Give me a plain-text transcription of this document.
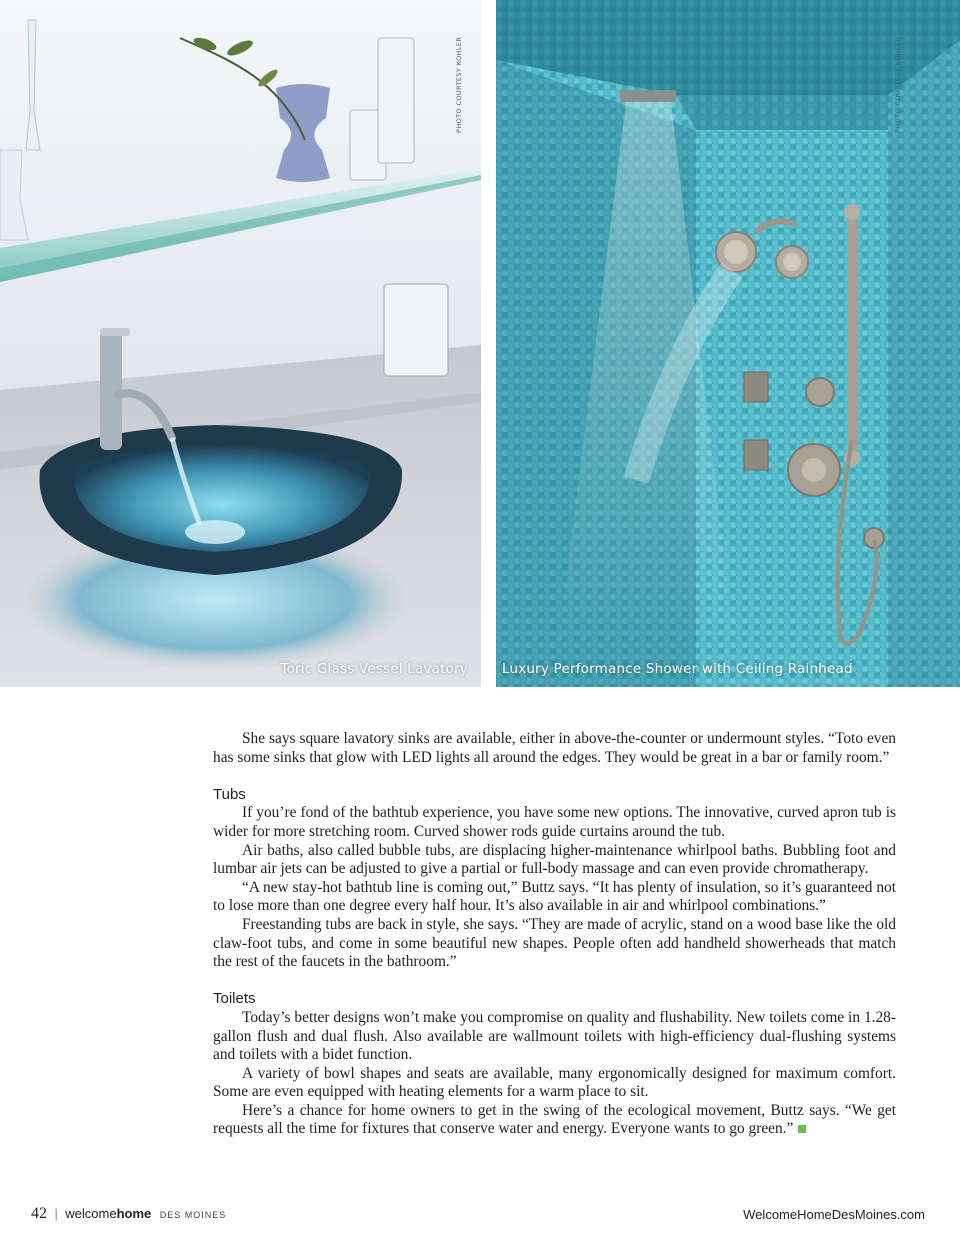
PHOTO COURTESY KOHLER
Toric Glass Vessel Lavatory
PHOTO COURTESY KOHLER
Luxury Performance Shower with Ceiling Rainhead

She says square lavatory sinks are available, either in above-the-counter or undermount styles. “Toto even has some sinks that glow with LED lights all around the edges. They would be great in a bar or family room.”

Tubs

If you’re fond of the bathtub experience, you have some new options. The innovative, curved apron tub is wider for more stretching room. Curved shower rods guide curtains around the tub.

Air baths, also called bubble tubs, are displacing higher-maintenance whirlpool baths. Bubbling foot and lumbar air jets can be adjusted to give a partial or full-body massage and can even provide chromatherapy.

“A new stay-hot bathtub line is coming out,” Buttz says. “It has plenty of insulation, so it’s guaranteed not to lose more than one degree every half hour. It’s also available in air and whirlpool combinations.”

Freestanding tubs are back in style, she says. “They are made of acrylic, stand on a wood base like the old claw-foot tubs, and come in some beautiful new shapes. People often add handheld showerheads that match the rest of the faucets in the bathroom.”

Toilets

Today’s better designs won’t make you compromise on quality and flushability. New toilets come in 1.28-gallon flush and dual flush. Also available are wallmount toilets with high-efficiency dual-flushing systems and toilets with a bidet function.

A variety of bowl shapes and seats are available, many ergonomically designed for maximum comfort. Some are even equipped with heating elements for a warm place to sit.

Here’s a chance for home owners to get in the swing of the ecological movement, Buttz says. “We get requests all the time for fixtures that conserve water and energy. Everyone wants to go green.”

42 | welcomehome DES MOINES	WelcomeHomeDesMoines.com
